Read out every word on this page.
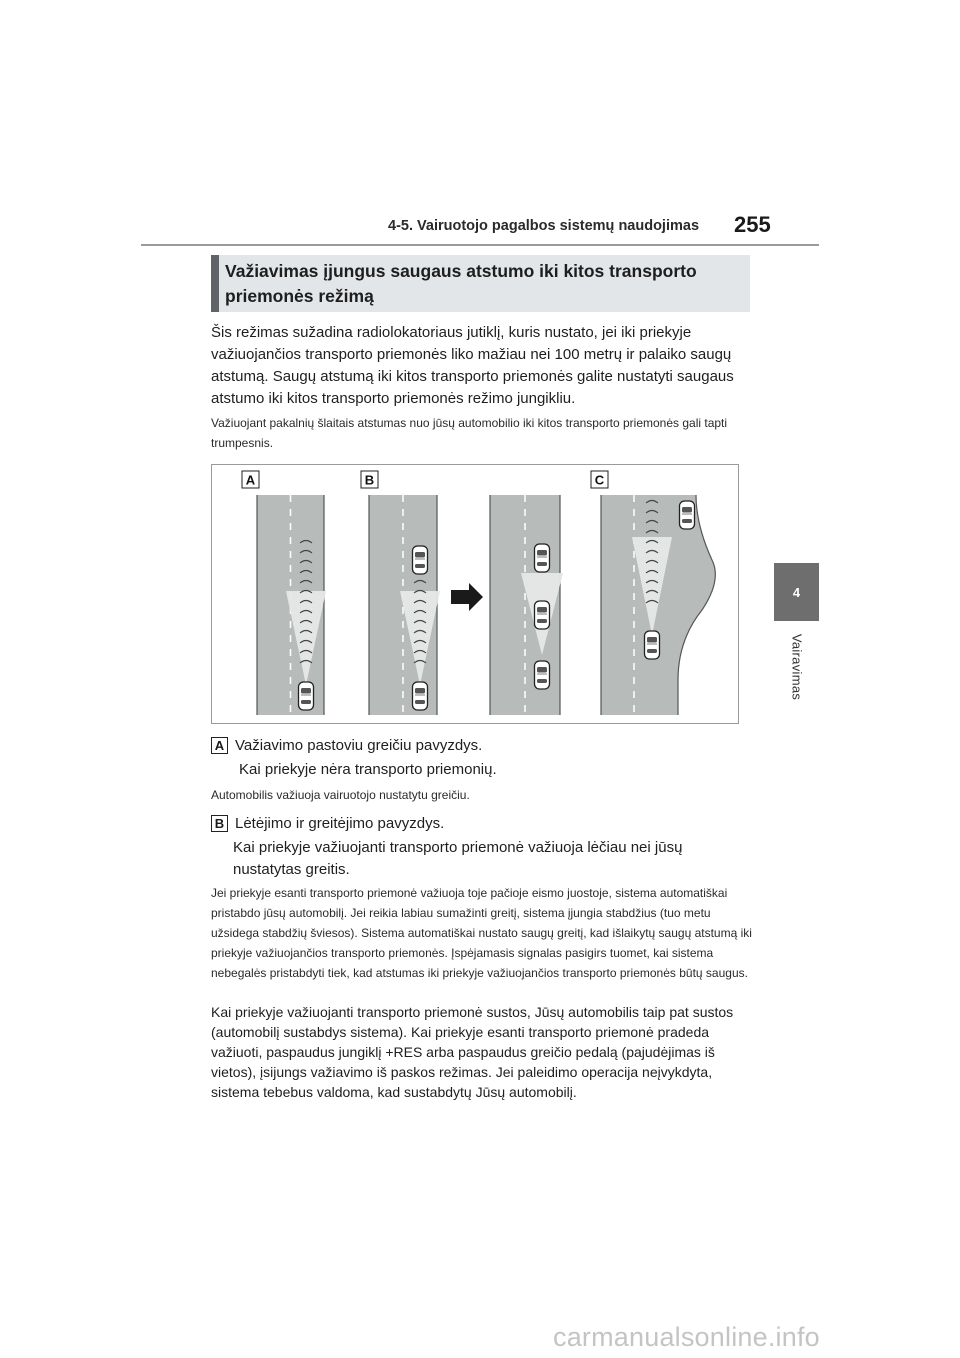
4-5. Vairuotojo pagalbos sistemų naudojimas 255
4
Vairavimas
Važiavimas įjungus saugaus atstumo iki kitos transporto priemonės režimą
Šis režimas sužadina radiolokatoriaus jutiklį, kuris nustato, jei iki priekyje važiuojančios transporto priemonės liko mažiau nei 100 metrų ir palaiko saugų atstumą. Saugų atstumą iki kitos transporto priemonės galite nustatyti saugaus atstumo iki kitos transporto priemonės režimo jungikliu.
Važiuojant pakalnių šlaitais atstumas nuo jūsų automobilio iki kitos transporto priemonės gali tapti trumpesnis.
A	B	C
A Važiavimo pastoviu greičiu pavyzdys.
Kai priekyje nėra transporto priemonių.
Automobilis važiuoja vairuotojo nustatytu greičiu.
B Lėtėjimo ir greitėjimo pavyzdys.
Kai priekyje važiuojanti transporto priemonė važiuoja lėčiau nei jūsų nustatytas greitis.
Jei priekyje esanti transporto priemonė važiuoja toje pačioje eismo juostoje, sistema automatiškai pristabdo jūsų automobilį. Jei reikia labiau sumažinti greitį, sistema įjungia stabdžius (tuo metu užsidega stabdžių šviesos). Sistema automatiškai nustato saugų greitį, kad išlaikytų saugų atstumą iki priekyje važiuojančios transporto priemonės. Įspėjamasis signalas pasigirs tuomet, kai sistema nebegalės pristabdyti tiek, kad atstumas iki priekyje važiuojančios transporto priemonės būtų saugus.
Kai priekyje važiuojanti transporto priemonė sustos, Jūsų automobilis taip pat sustos (automobilį sustabdys sistema). Kai priekyje esanti transporto priemonė pradeda važiuoti, paspaudus jungiklį +RES arba paspaudus greičio pedalą (pajudėjimas iš vietos), įsijungs važiavimo iš paskos režimas. Jei paleidimo operacija neįvykdyta, sistema tebebus valdoma, kad sustabdytų Jūsų automobilį.
carmanualsonline.info
